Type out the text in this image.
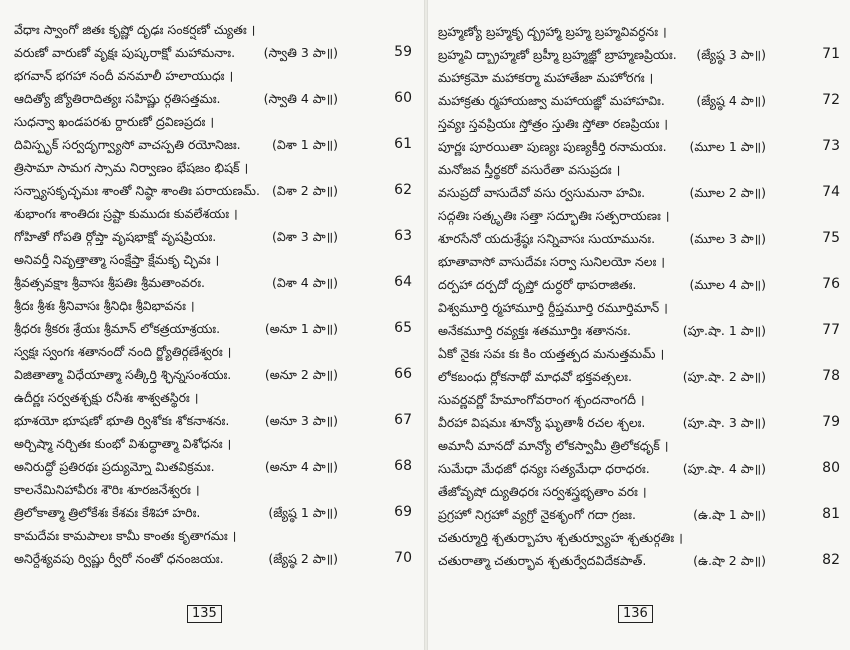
వేధాః స్వాంగో జితః కృష్ణో దృఢః సంకర్షణో చ్యుతః ।
వరుణో వారుణో వృక్షః పుష్కరాక్షో మహామనాః. (స్వాతి 3 పా॥)	59
భగవాన్ భగహా నందీ వనమాలీ హలాయుధః ।
ఆదిత్యో జ్యోతిరాదిత్యః సహిష్ణు ర్గతిసత్తమః.	(స్వాతి 4 పా॥)	60
సుధన్వా ఖండపరశు ర్దారుణో ద్రవిణప్రదః ।
దివిస్పృక్ సర్వదృగ్వ్యాసో వాచస్పతి రయోనిజః.	(విశా 1 పా॥)	61
త్రిసామా సామగ స్సామ నిర్వాణం భేషజం భిషక్ ।
సన్న్యాసకృచ్ఛమః శాంతో నిష్ఠా శాంతిః పరాయణమ్. (విశా 2 పా॥)	62
శుభాంగః శాంతిదః స్రష్టా కుముదః కువలేశయః ।
గోహితో గోపతి ర్గోప్తా వృషభాక్షో వృషప్రియః.	(విశా 3 పా॥)	63
అనివర్తీ నివృత్తాత్మా సంక్షేప్తా క్షేమకృ చ్ఛివః ।
శ్రీవత్సవక్షాః శ్రీవాసః శ్రీపతిః శ్రీమతాంవరః.	(విశా 4 పా॥)	64
శ్రీదః శ్రీశః శ్రీనివాసః శ్రీనిధిః శ్రీవిభావనః ।
శ్రీధరః శ్రీకరః శ్రేయః శ్రీమాన్ లోకత్రయాశ్రయః.	(అనూ 1 పా॥)	65
స్వక్షః స్వంగః శతానందో నంది ర్జ్యోతిర్గణేశ్వరః ।
విజితాత్మా విధేయాత్మా సత్కీర్తి శ్ఛిన్నసంశయః.	(అనూ 2 పా॥)	66
ఉదీర్ణః సర్వతశ్చక్షు రనీశః శాశ్వతస్థిరః ।
భూశయో భూషణో భూతి ర్విశోకః శోకనాశనః.	(అనూ 3 పా॥)	67
అర్చిష్మా నర్చితః కుంభో విశుద్ధాత్మా విశోధనః ।
అనిరుద్ధో ప్రతిరథః ప్రద్యుమ్నో మితవిక్రమః.	(అనూ 4 పా॥)	68
కాలనేమినిహావీరః శౌరిః శూరజనేశ్వరః ।
త్రిలోకాత్మా త్రిలోకేశః కేశవః కేశిహా హరిః.	(జ్యేష్ఠ 1 పా॥)	69
కామదేవః కామపాలః కామీ కాంతః కృతాగమః ।
అనిర్దేశ్యవపు ర్విష్ణు ర్వీరో నంతో ధనంజయః.	(జ్యేష్ఠ 2 పా॥)	70
135
బ్రహ్మణ్యో బ్రహ్మకృ ద్బ్రహ్మా బ్రహ్మ బ్రహ్మవివర్ధనః ।
బ్రహ్మవి ద్బ్రాహ్మణో బ్రహ్మీ బ్రహ్మజ్ఞో బ్రాహ్మణప్రియః. (జ్యేష్ఠ 3 పా॥)	71
మహాక్రమో మహాకర్మా మహాతేజా మహోరగః ।
మహాక్రతు ర్మహాయజ్వా మహాయజ్ఞో మహాహవిః.	(జ్యేష్ఠ 4 పా॥)	72
స్తవ్యః స్తవప్రియః స్తోత్రం స్తుతిః స్తోతా రణప్రియః ।
పూర్ణః పూరయితా పుణ్యః పుణ్యకీర్తి రనామయః. (మూల 1 పా॥)	73
మనోజవ స్తీర్థకరో వసురేతా వసుప్రదః ।
వసుప్రదో వాసుదేవో వసు ర్వసుమనా హవిః.	(మూల 2 పా॥)	74
సద్గతిః సత్కృతిః సత్తా సద్భూతిః సత్పరాయణః ।
శూరసేనో యదుశ్రేష్ఠః సన్నివాసః సుయామునః.	(మూల 3 పా॥)	75
భూతావాసో వాసుదేవః సర్వా సునిలయో నలః ।
దర్పహా దర్పదో దృప్తో దుర్ధరో థాపరాజితః.	(మూల 4 పా॥)	76
విశ్వమూర్తి ర్మహామూర్తి ర్దీప్తమూర్తి రమూర్తిమాన్ ।
అనేకమూర్తి రవ్యక్తః శతమూర్తిః శతాననః.	(పూ.షా. 1 పా॥)	77
ఏకో నైకః సవః కః కిం యత్తత్పద మనుత్తమమ్ ।
లోకబంధు ర్లోకనాథో మాధవో భక్తవత్సలః.	(పూ.షా. 2 పా॥)	78
సువర్ణవర్ణో హేమాంగోవరాంగ శ్చందనాంగదీ ।
వీరహా విషమః శూన్యో ఘృతాశీ రచల శ్చలః.	(పూ.షా. 3 పా॥)	79
అమానీ మానదో మాన్యో లోకస్వామీ త్రిలోకధృక్ ।
సుమేధా మేధజో ధన్యః సత్యమేధా ధరాధరః.	(పూ.షా. 4 పా॥)	80
తేజోవృషో ద్యుతిధరః సర్వశస్త్రభృతాం వరః ।
ప్రగ్రహో నిగ్రహో వ్యగ్రో నైకశృంగో గదా గ్రజః.	(ఉ.షా 1 పా॥)	81
చతుర్మూర్తి శ్చతుర్బాహు శ్చతుర్వ్యూహ శ్చతుర్గతిః ।
చతురాత్మా చతుర్భావ శ్చతుర్వేదవిదేకపాత్.	(ఉ.షా 2 పా॥)	82
136
